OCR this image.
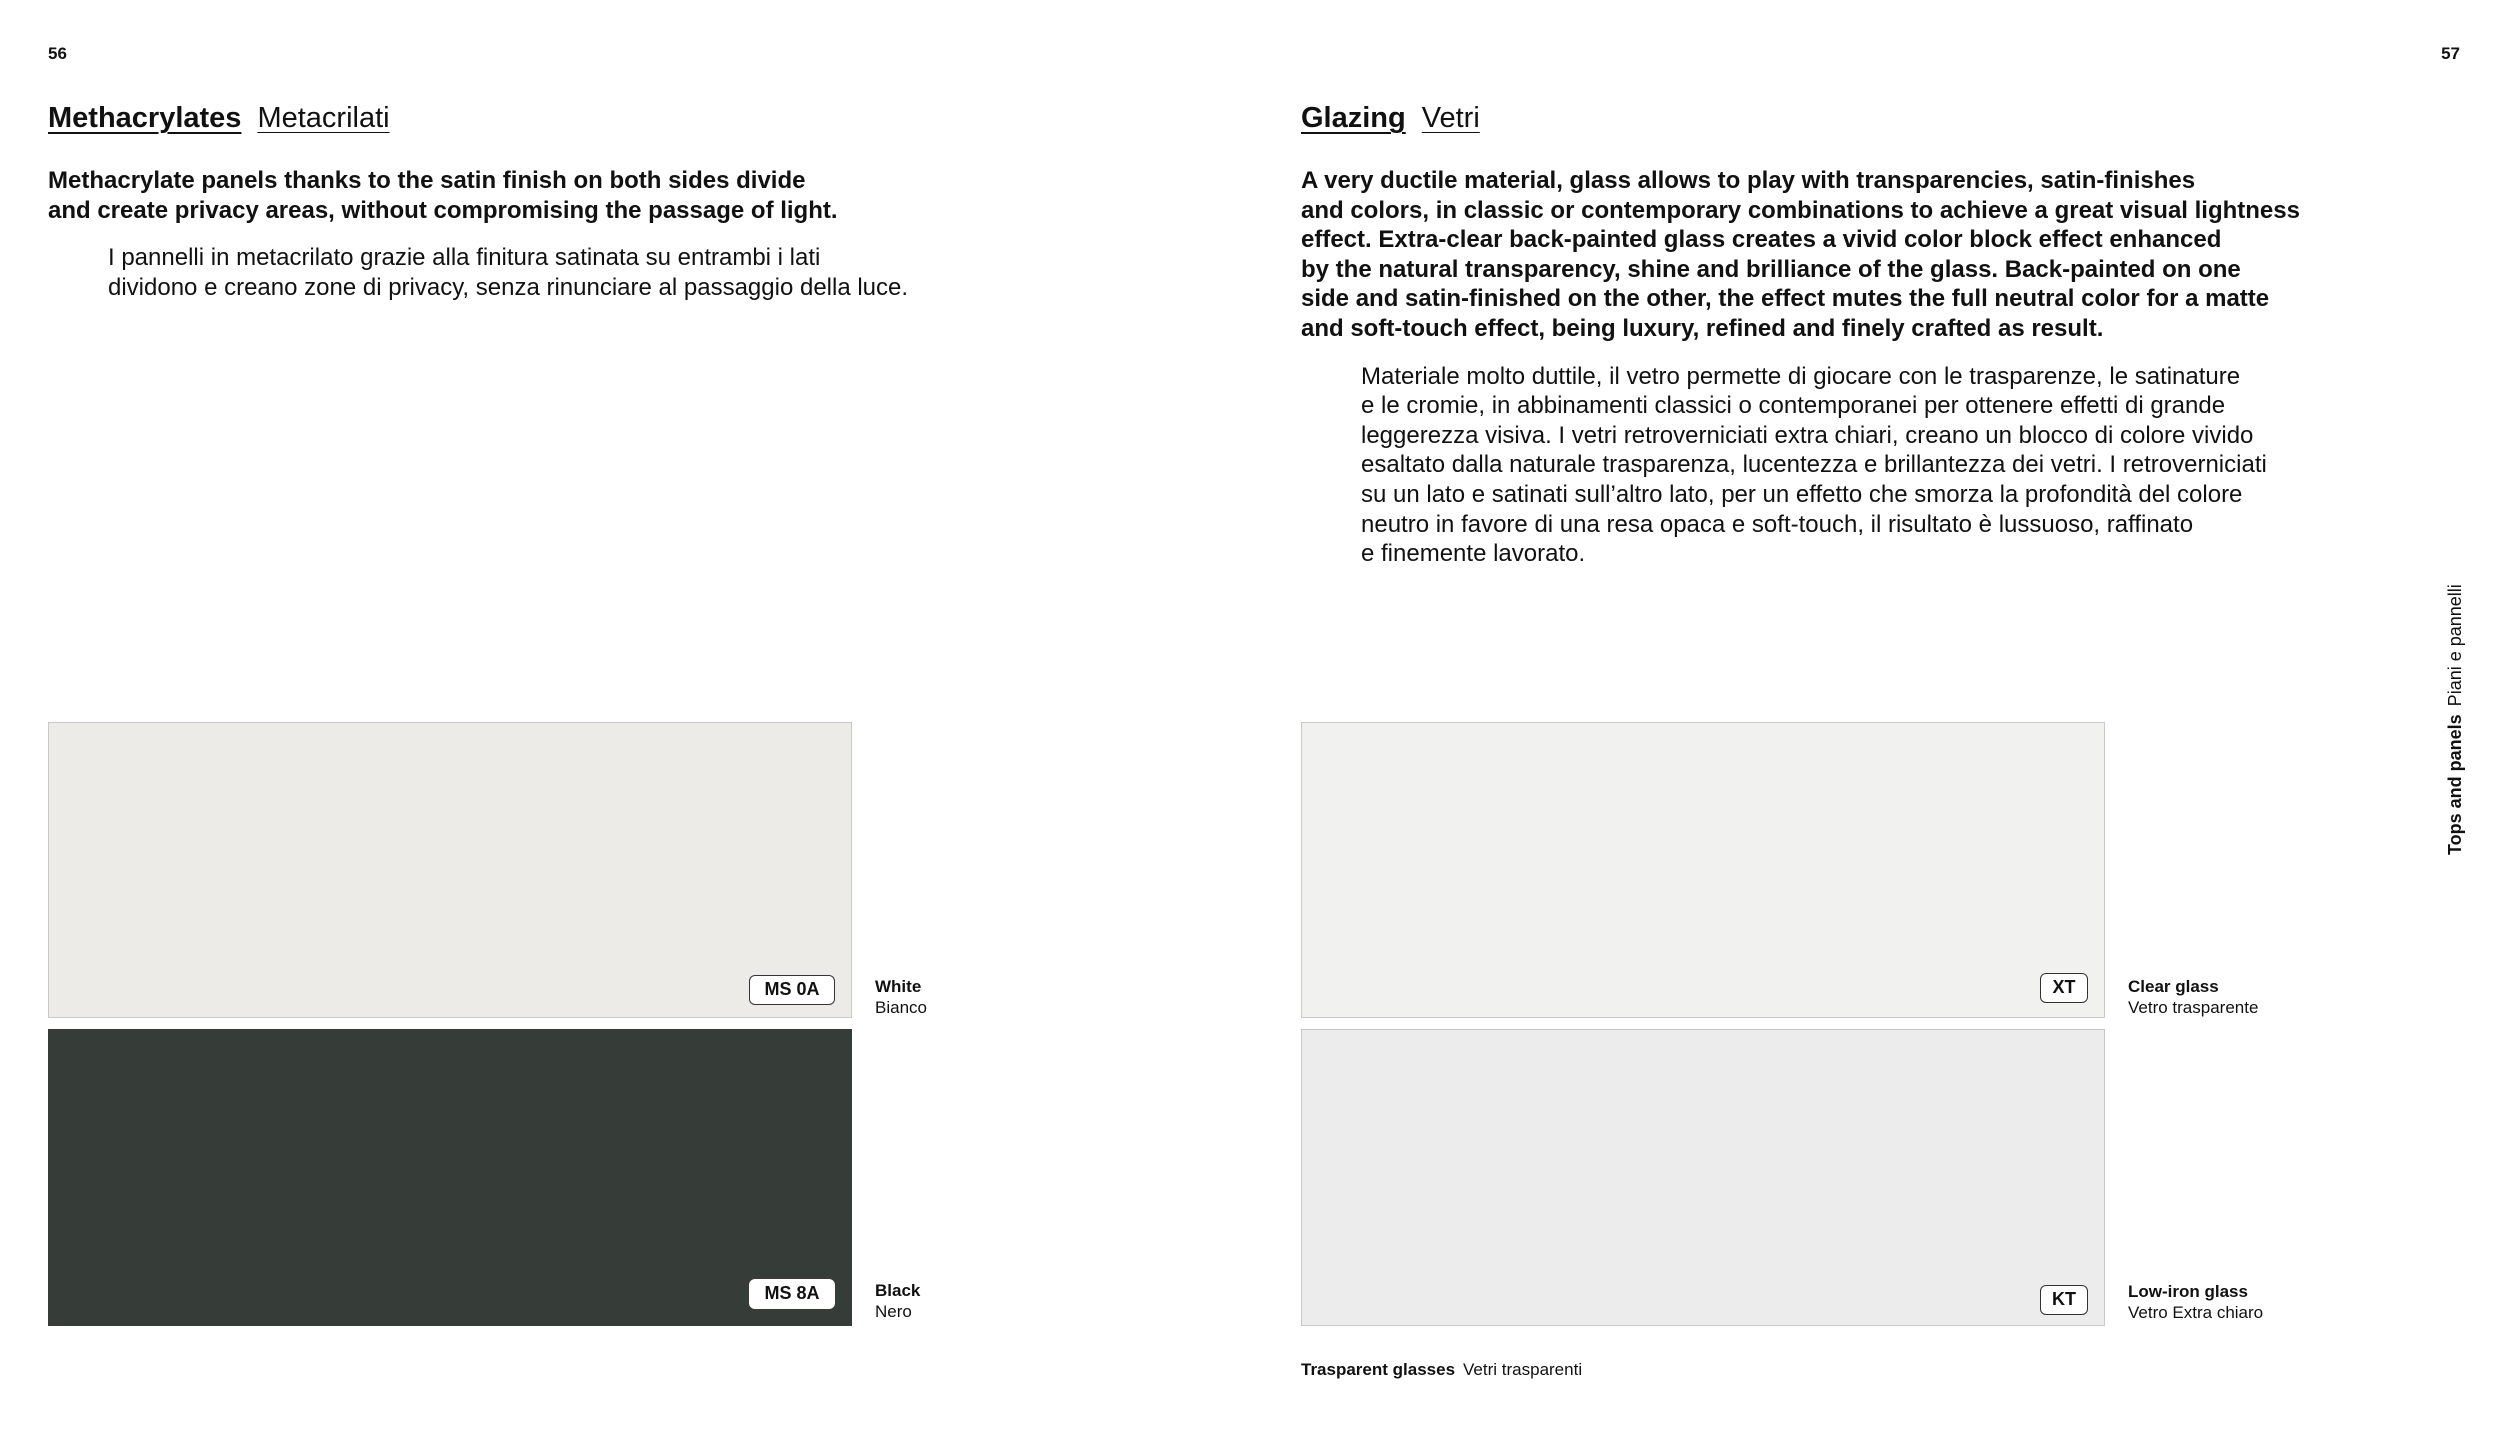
56
Methacrylates Metacrilati

Methacrylate panels thanks to the satin finish on both sides divide
and create privacy areas, without compromising the passage of light.

I pannelli in metacrilato grazie alla finitura satinata su entrambi i lati
dividono e creano zone di privacy, senza rinunciare al passaggio della luce.

MS 0A	White
Bianco
MS 8A	Black
Nero
57
Glazing Vetri

A very ductile material, glass allows to play with transparencies, satin-finishes
and colors, in classic or contemporary combinations to achieve a great visual lightness
effect. Extra-clear back-painted glass creates a vivid color block effect enhanced
by the natural transparency, shine and brilliance of the glass. Back-painted on one
side and satin-finished on the other, the effect mutes the full neutral color for a matte
and soft-touch effect, being luxury, refined and finely crafted as result.

Materiale molto duttile, il vetro permette di giocare con le trasparenze, le satinature
e le cromie, in abbinamenti classici o contemporanei per ottenere effetti di grande
leggerezza visiva. I vetri retroverniciati extra chiari, creano un blocco di colore vivido
esaltato dalla naturale trasparenza, lucentezza e brillantezza dei vetri. I retroverniciati
su un lato e satinati sull’altro lato, per un effetto che smorza la profondità del colore
neutro in favore di una resa opaca e soft-touch, il risultato è lussuoso, raffinato
e finemente lavorato.

XT	Clear glass
Vetro trasparente
KT	Low-iron glass
Vetro Extra chiaro
Trasparent glasses Vetri trasparenti
Tops and panelsPiani e pannelli
